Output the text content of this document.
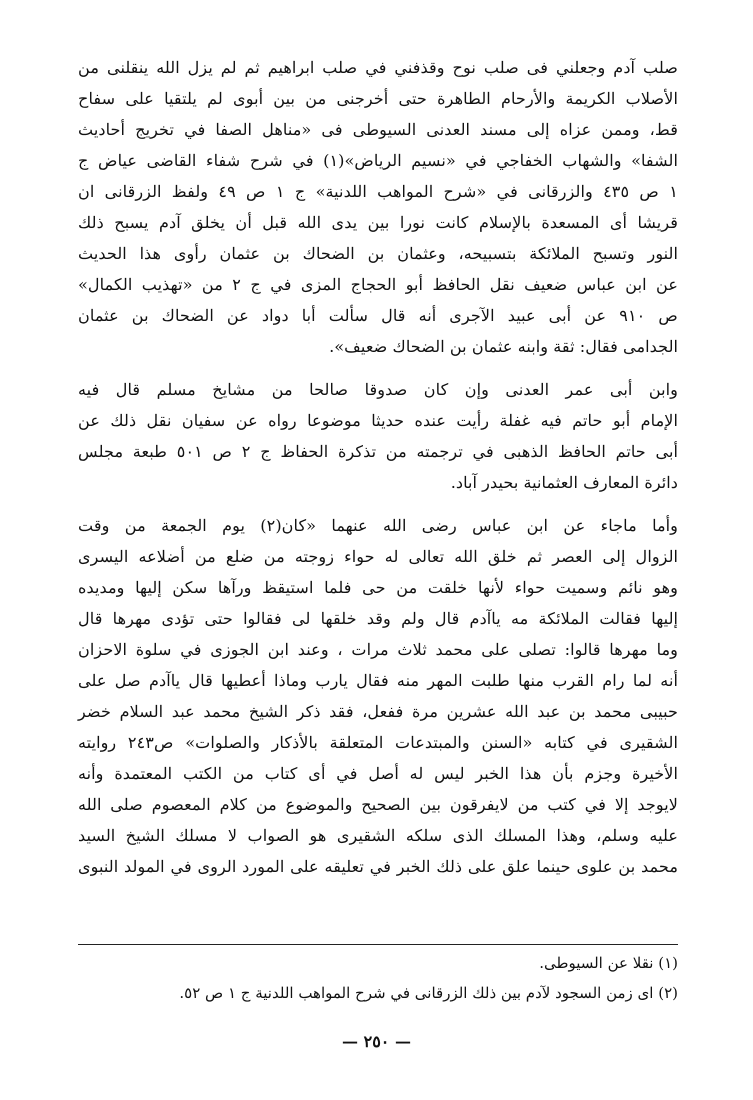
صلب آدم وجعلني فى صلب نوح وقذفني في صلب ابراهيم ثم لم يزل الله ينقلنى من
الأصلاب الكريمة والأرحام الطاهرة حتى أخرجنى من بين أبوى لم يلتقيا على سفاح
قط، وممن عزاه إلى مسند العدنى السيوطى فى «مناهل الصفا في تخريج أحاديث
الشفا» والشهاب الخفاجي في «نسيم الرياض»(١) في شرح شفاء القاضى عياض ج
١ ص ٤٣٥ والزرقانى في «شرح المواهب اللدنية» ج ١ ص ٤٩ ولفظ الزرقانى ان
قريشا أى المسعدة بالإسلام كانت نورا بين يدى الله قبل أن يخلق آدم يسبح ذلك
النور وتسبح الملائكة بتسبيحه، وعثمان بن الضحاك بن عثمان رأوى هذا الحديث
عن ابن عباس ضعيف نقل الحافظ أبو الحجاج المزى في ج ٢ من «تهذيب الكمال»
ص ٩١٠ عن أبى عبيد الآجرى أنه قال سألت أبا دواد عن الضحاك بن عثمان
الجدامى فقال: ثقة وابنه عثمان بن الضحاك ضعيف».

وابن أبى عمر العدنى وإن كان صدوقا صالحا من مشايخ مسلم قال فيه
الإمام أبو حاتم فيه غفلة رأيت عنده حديثا موضوعا رواه عن سفيان نقل ذلك عن
أبى حاتم الحافظ الذهبى في ترجمته من تذكرة الحفاظ ج ٢ ص ٥٠١ طبعة مجلس
دائرة المعارف العثمانية بحيدر آباد.

وأما ماجاء عن ابن عباس رضى الله عنهما «كان(٢) يوم الجمعة من وقت
الزوال إلى العصر ثم خلق الله تعالى له حواء زوجته من ضلع من أضلاعه اليسرى
وهو نائم وسميت حواء لأنها خلقت من حى فلما استيقظ ورآها سكن إليها ومديده
إليها فقالت الملائكة مه ياآدم قال ولم وقد خلقها لى فقالوا حتى تؤدى مهرها قال
وما مهرها قالوا: تصلى على محمد ثلاث مرات ، وعند ابن الجوزى في سلوة الاحزان
أنه لما رام القرب منها طلبت المهر منه فقال يارب وماذا أعطيها قال ياآدم صل على
حبيبى محمد بن عبد الله عشرين مرة ففعل، فقد ذكر الشيخ محمد عبد السلام خضر
الشقيرى في كتابه «السنن والمبتدعات المتعلقة بالأذكار والصلوات» ص٢٤٣ روايته
الأخيرة وجزم بأن هذا الخبر ليس له أصل في أى كتاب من الكتب المعتمدة وأنه
لايوجد إلا في كتب من لايفرقون بين الصحيح والموضوع من كلام المعصوم صلى الله
عليه وسلم، وهذا المسلك الذى سلكه الشقيرى هو الصواب لا مسلك الشيخ السيد
محمد بن علوى حينما علق على ذلك الخبر في تعليقه على المورد الروى في المولد النبوى

(١) نقلا عن السيوطى.
(٢) اى زمن السجود لآدم بين ذلك الزرقانى في شرح المواهب اللدنية ج ١ ص ٥٢.
— ٢٥٠ —
